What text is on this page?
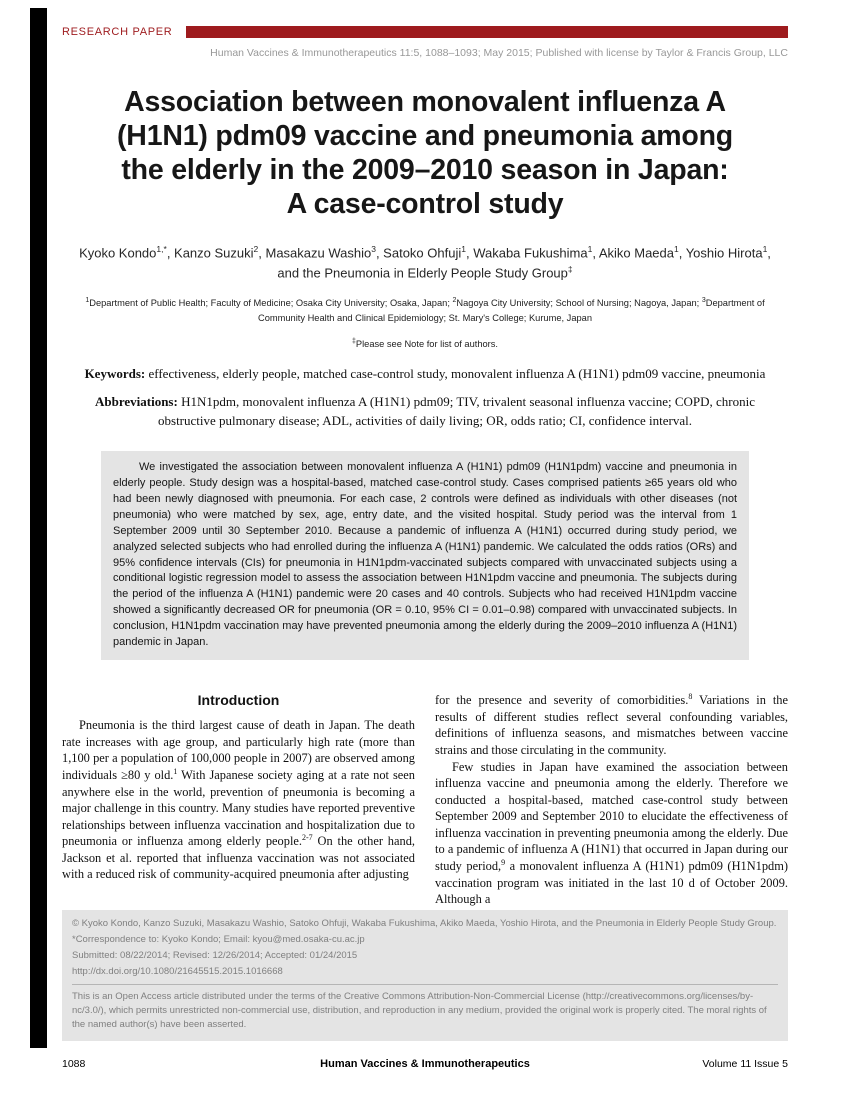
RESEARCH PAPER
Human Vaccines & Immunotherapeutics 11:5, 1088–1093; May 2015; Published with license by Taylor & Francis Group, LLC
Association between monovalent influenza A
(H1N1) pdm09 vaccine and pneumonia among
the elderly in the 2009–2010 season in Japan:
A case-control study
Kyoko Kondo$^{1,*}$, Kanzo Suzuki$^2$, Masakazu Washio$^3$, Satoko Ohfuji$^1$, Wakaba Fukushima$^1$, Akiko Maeda$^1$, Yoshio Hirota$^1$,
and the Pneumonia in Elderly People Study Group‡
$^1$Department of Public Health; Faculty of Medicine; Osaka City University; Osaka, Japan; $^2$Nagoya City University; School of Nursing; Nagoya, Japan; $^3$Department of Community Health and Clinical Epidemiology; St. Mary's College; Kurume, Japan
‡Please see Note for list of authors.
Keywords: effectiveness, elderly people, matched case-control study, monovalent influenza A (H1N1) pdm09 vaccine, pneumonia
Abbreviations: H1N1pdm, monovalent influenza A (H1N1) pdm09; TIV, trivalent seasonal influenza vaccine; COPD, chronic obstructive pulmonary disease; ADL, activities of daily living; OR, odds ratio; CI, confidence interval.

We investigated the association between monovalent influenza A (H1N1) pdm09 (H1N1pdm) vaccine and pneumonia in elderly people. Study design was a hospital-based, matched case-control study. Cases comprised patients ≥65 years old who had been newly diagnosed with pneumonia. For each case, 2 controls were defined as individuals with other diseases (not pneumonia) who were matched by sex, age, entry date, and the visited hospital. Study period was the interval from 1 September 2009 until 30 September 2010. Because a pandemic of influenza A (H1N1) occurred during study period, we analyzed selected subjects who had enrolled during the influenza A (H1N1) pandemic. We calculated the odds ratios (ORs) and 95% confidence intervals (CIs) for pneumonia in H1N1pdm-vaccinated subjects compared with unvaccinated subjects using a conditional logistic regression model to assess the association between H1N1pdm vaccine and pneumonia. The subjects during the period of the influenza A (H1N1) pandemic were 20 cases and 40 controls. Subjects who had received H1N1pdm vaccine showed a significantly decreased OR for pneumonia (OR = 0.10, 95% CI = 0.01–0.98) compared with unvaccinated subjects. In conclusion, H1N1pdm vaccination may have prevented pneumonia among the elderly during the 2009–2010 influenza A (H1N1) pandemic in Japan.

Introduction

Pneumonia is the third largest cause of death in Japan. The death rate increases with age group, and particularly high rate (more than 1,100 per a population of 100,000 people in 2007) are observed among individuals ≥80 y old.$^1$ With Japanese society aging at a rate not seen anywhere else in the world, prevention of pneumonia is becoming a major challenge in this country. Many studies have reported preventive relationships between influenza vaccination and hospitalization due to pneumonia or influenza among elderly people.$^{2-7}$ On the other hand, Jackson et al. reported that influenza vaccination was not associated with a reduced risk of community-acquired pneumonia after adjusting

for the presence and severity of comorbidities.$^8$ Variations in the results of different studies reflect several confounding variables, definitions of influenza seasons, and mismatches between vaccine strains and those circulating in the community.

Few studies in Japan have examined the association between influenza vaccine and pneumonia among the elderly. Therefore we conducted a hospital-based, matched case-control study between September 2009 and September 2010 to elucidate the effectiveness of influenza vaccination in preventing pneumonia among the elderly. Due to a pandemic of influenza A (H1N1) that occurred in Japan during our study period,$^9$ a monovalent influenza A (H1N1) pdm09 (H1N1pdm) vaccination program was initiated in the last 10 d of October 2009. Although a

© Kyoko Kondo, Kanzo Suzuki, Masakazu Washio, Satoko Ohfuji, Wakaba Fukushima, Akiko Maeda, Yoshio Hirota, and the Pneumonia in Elderly People Study Group.

*Correspondence to: Kyoko Kondo; Email: kyou@med.osaka-cu.ac.jp

Submitted: 08/22/2014; Revised: 12/26/2014; Accepted: 01/24/2015

http://dx.doi.org/10.1080/21645515.2015.1016668

This is an Open Access article distributed under the terms of the Creative Commons Attribution-Non-Commercial License (http://creativecommons.org/licenses/by-nc/3.0/), which permits unrestricted non-commercial use, distribution, and reproduction in any medium, provided the original work is properly cited. The moral rights of the named author(s) have been asserted.

1088	Human Vaccines & Immunotherapeutics	Volume 11 Issue 5
